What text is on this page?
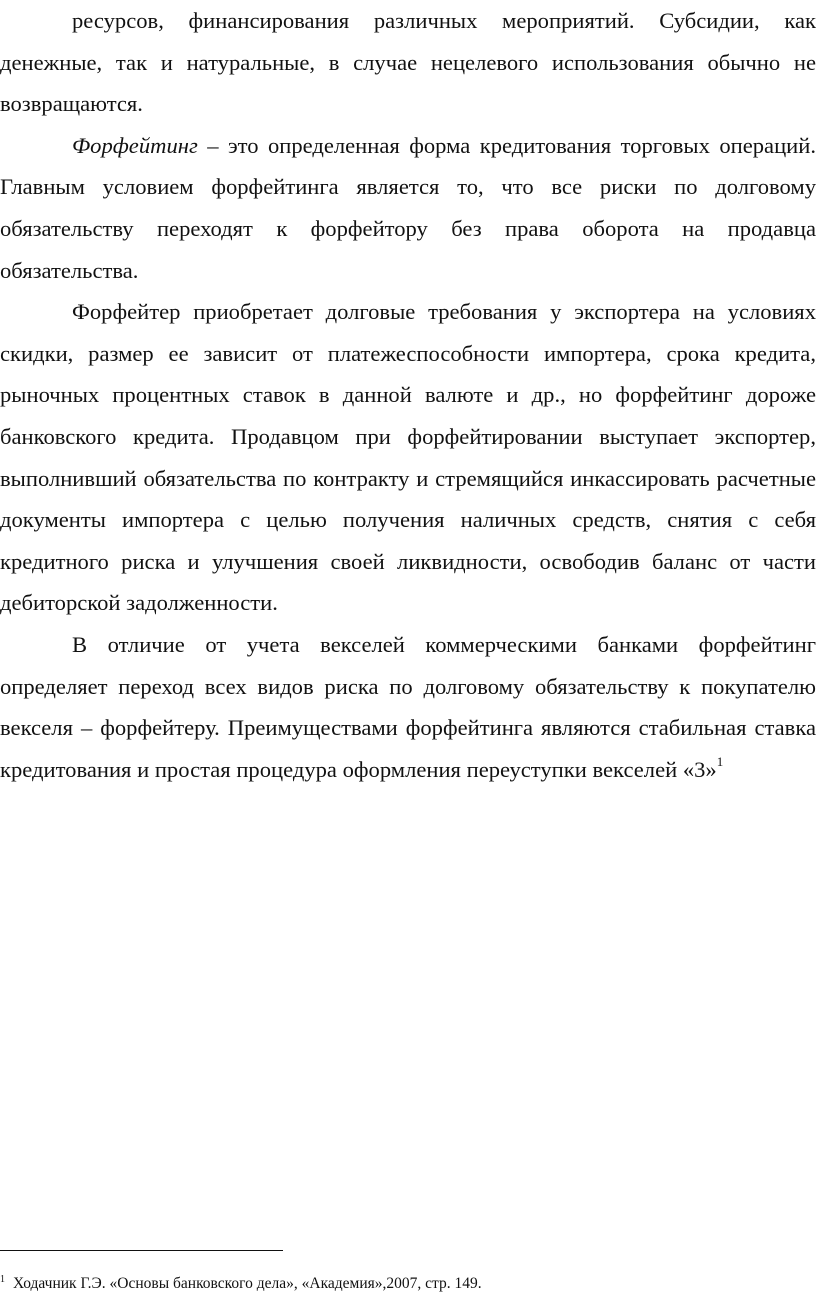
ресурсов, финансирования различных мероприятий. Субсидии, как денежные, так и натуральные, в случае нецелевого использования обычно не возвращаются.

Форфейтинг – это определенная форма кредитования торговых операций. Главным условием форфейтинга является то, что все риски по долговому обязательству переходят к форфейтору без права оборота на продавца обязательства.

Форфейтер приобретает долговые требования у экспортера на условиях скидки, размер ее зависит от платежеспособности импортера, срока кредита, рыночных процентных ставок в данной валюте и др., но форфейтинг дороже банковского кредита. Продавцом при форфейтировании выступает экспортер, выполнивший обязательства по контракту и стремящийся инкассировать расчетные документы импортера с целью получения наличных средств, снятия с себя кредитного риска и улучшения своей ликвидности, освободив баланс от части дебиторской задолженности.

В отличие от учета векселей коммерческими банками форфейтинг определяет переход всех видов риска по долговому обязательству к покупателю векселя – форфейтеру. Преимуществами форфейтинга являются стабильная ставка кредитования и простая процедура оформления переуступки векселей «3»$^1$

$^1$ Ходачник Г.Э. «Основы банковского дела», «Академия»,2007, стр. 149.
